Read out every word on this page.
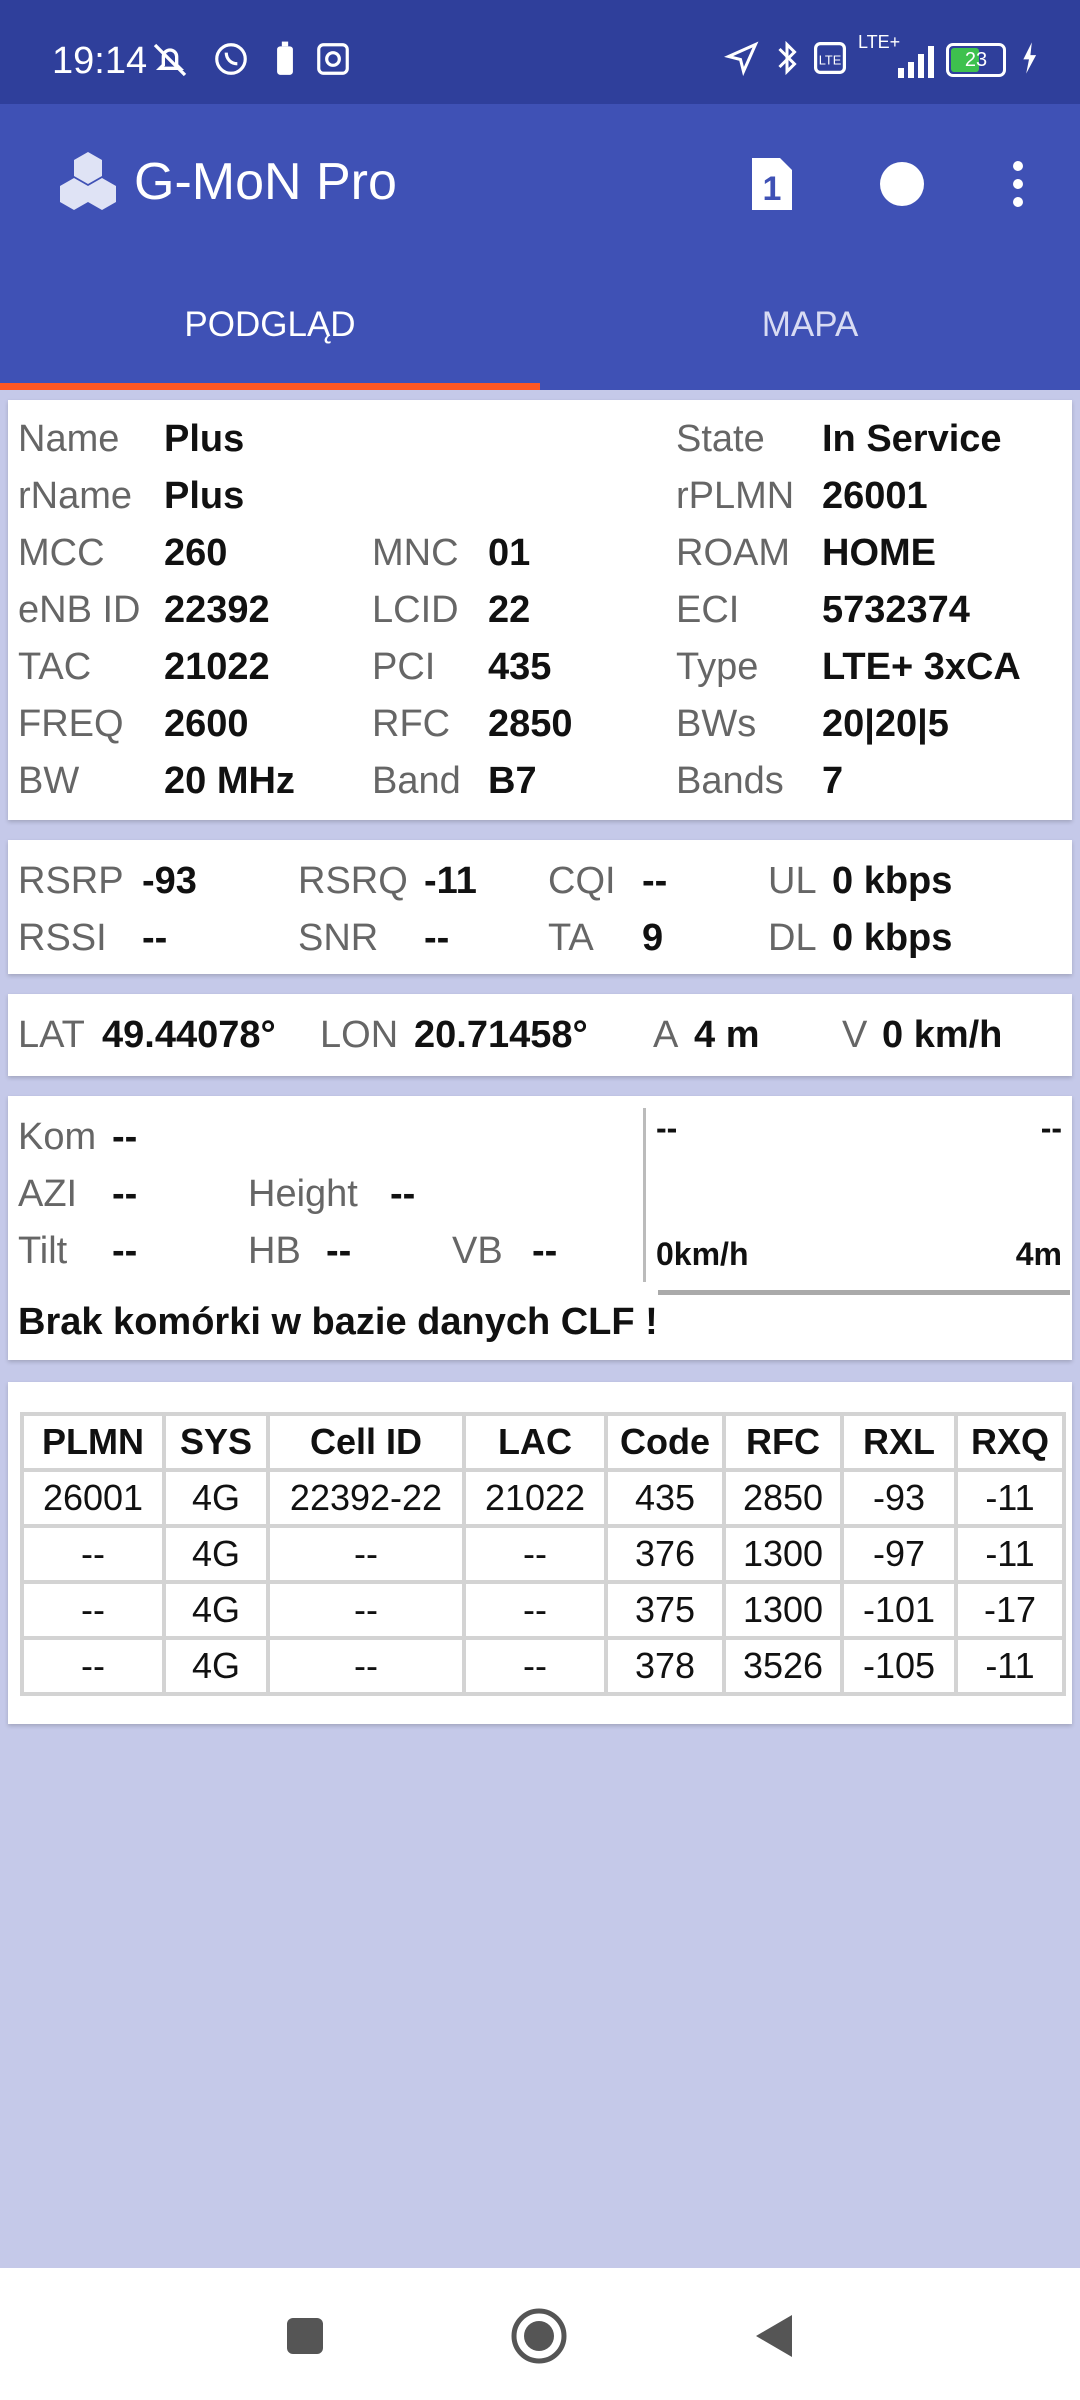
19:14	LTE
LTE+
23
G-MoN Pro	1
PODGLĄD	MAPA
Name Plus	State In Service
rName Plus	rPLMN 26001
MCC 260	MNC 01	ROAM HOME
eNB ID 22392	LCID 22	ECI 5732374
TAC 21022	PCI 435	Type LTE+ 3xCA
FREQ 2600	RFC 2850	BWs 20|20|5
BW 20 MHz Band B7	Bands 7
RSRP -93	RSRQ -11 CQI --	UL 0 kbps
RSSI --	SNR --	TA 9	DL 0 kbps
LAT 49.44078° LON 20.71458° A 4 m V 0 km/h
Kom --
AZI --	Height --
Tilt --	HB --	VB --
--	--
0km/h	4m
Brak komórki w bazie danych CLF !
PLMN	SYS	Cell ID	LAC	Code	RFC	RXL	RXQ
26001	4G	22392-22	21022	435	2850	-93	-11
--	4G	--	--	376	1300	-97	-11
--	4G	--	--	375	1300	-101	-17
--	4G	--	--	378	3526	-105	-11
